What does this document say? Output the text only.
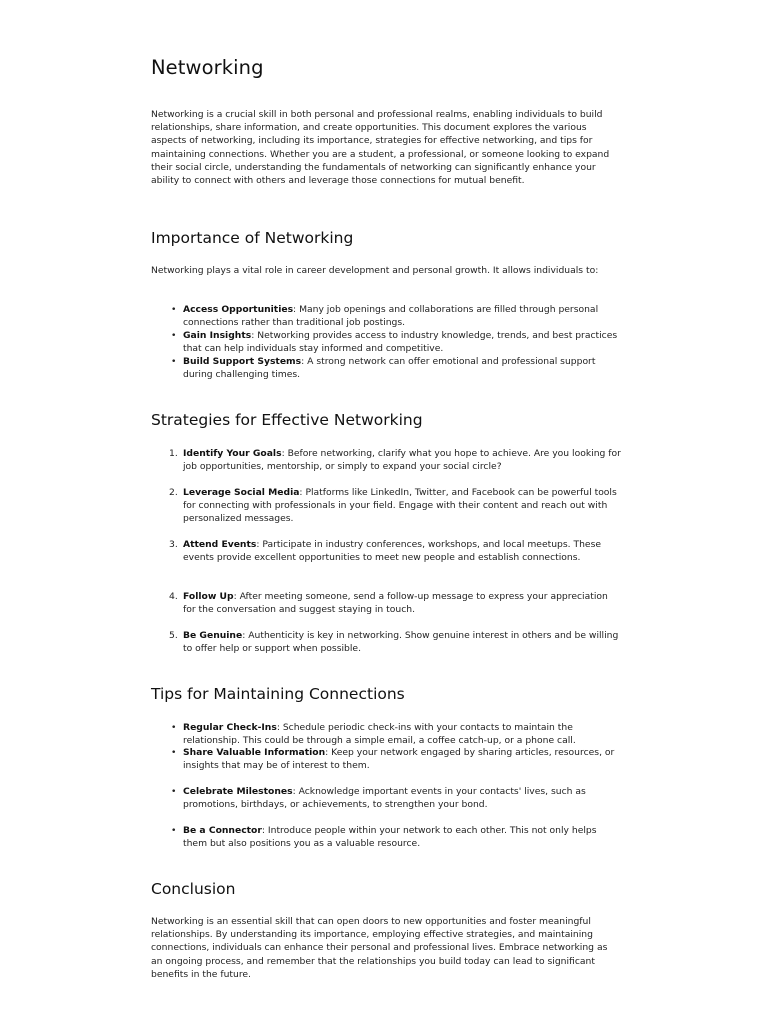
Networking

Networking is a crucial skill in both personal and professional realms, enabling individuals to build relationships, share information, and create opportunities. This document explores the various aspects of networking, including its importance, strategies for effective networking, and tips for maintaining connections. Whether you are a student, a professional, or someone looking to expand their social circle, understanding the fundamentals of networking can significantly enhance your ability to connect with others and leverage those connections for mutual benefit.

Importance of Networking

Networking plays a vital role in career development and personal growth. It allows individuals to:

• Access Opportunities: Many job openings and collaborations are filled through personal connections rather than traditional job postings.
• Gain Insights: Networking provides access to industry knowledge, trends, and best practices that can help individuals stay informed and competitive.
• Build Support Systems: A strong network can offer emotional and professional support during challenging times.
Strategies for Effective Networking
1. Identify Your Goals: Before networking, clarify what you hope to achieve. Are you looking for job opportunities, mentorship, or simply to expand your social circle?
2. Leverage Social Media: Platforms like LinkedIn, Twitter, and Facebook can be powerful tools for connecting with professionals in your field. Engage with their content and reach out with personalized messages.
3. Attend Events: Participate in industry conferences, workshops, and local meetups. These events provide excellent opportunities to meet new people and establish connections.
4. Follow Up: After meeting someone, send a follow-up message to express your appreciation for the conversation and suggest staying in touch.
5. Be Genuine: Authenticity is key in networking. Show genuine interest in others and be willing to offer help or support when possible.
Tips for Maintaining Connections
• Regular Check-Ins: Schedule periodic check-ins with your contacts to maintain the relationship. This could be through a simple email, a coffee catch-up, or a phone call.
• Share Valuable Information: Keep your network engaged by sharing articles, resources, or insights that may be of interest to them.
• Celebrate Milestones: Acknowledge important events in your contacts' lives, such as promotions, birthdays, or achievements, to strengthen your bond.
• Be a Connector: Introduce people within your network to each other. This not only helps them but also positions you as a valuable resource.
Conclusion

Networking is an essential skill that can open doors to new opportunities and foster meaningful relationships. By understanding its importance, employing effective strategies, and maintaining connections, individuals can enhance their personal and professional lives. Embrace networking as an ongoing process, and remember that the relationships you build today can lead to significant benefits in the future.
